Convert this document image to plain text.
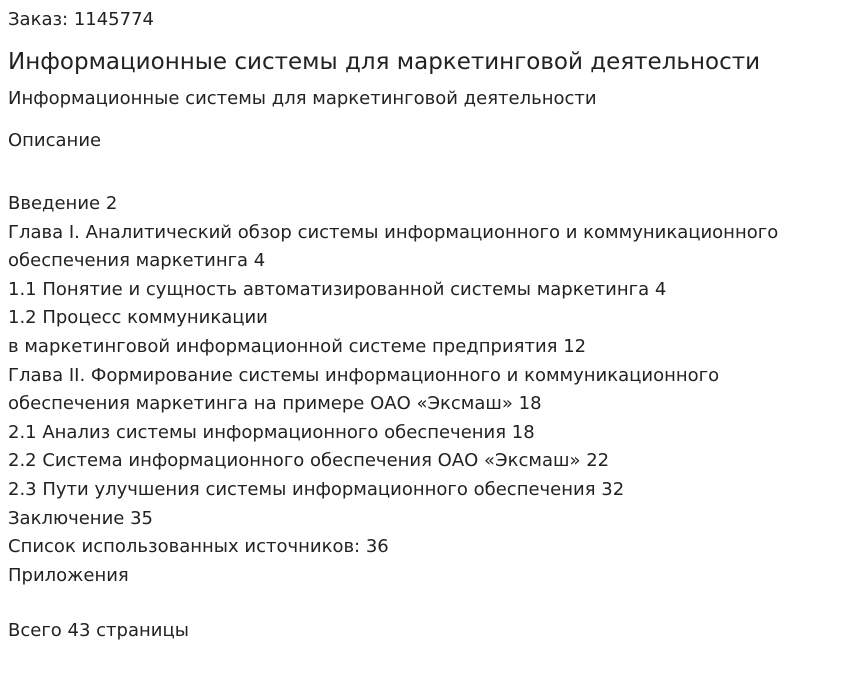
Заказ: 1145774

Информационные системы для маркетинговой деятельности

Информационные системы для маркетинговой деятельности

Описание

Введение 2
Глава I. Аналитический обзор системы информационного и коммуникационного
обеспечения маркетинга 4
1.1 Понятие и сущность автоматизированной системы маркетинга 4
1.2 Процесс коммуникации
в маркетинговой информационной системе предприятия 12
Глава II. Формирование системы информационного и коммуникационного
обеспечения маркетинга на примере ОАО «Эксмаш» 18
2.1 Анализ системы информационного обеспечения 18
2.2 Система информационного обеспечения ОАО «Эксмаш» 22
2.3 Пути улучшения системы информационного обеспечения 32
Заключение 35
Список использованных источников: 36
Приложения

Всего 43 страницы
